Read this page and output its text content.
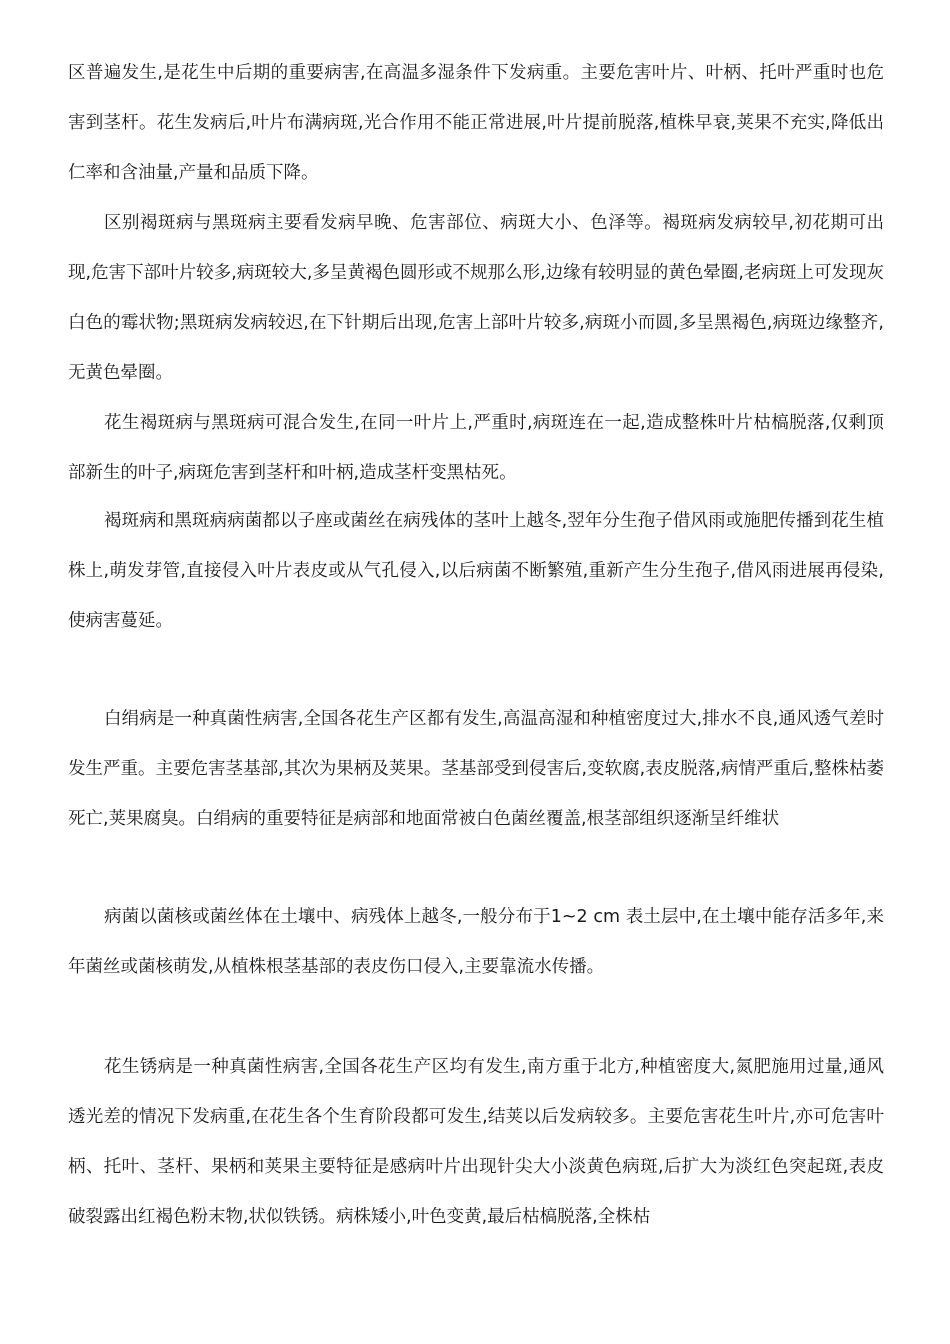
区普遍发生,是花生中后期的重要病害,在高温多湿条件下发病重。主要危害叶片、叶柄、托叶严重时也危害到茎杆。花生发病后,叶片布满病斑,光合作用不能正常进展,叶片提前脱落,植株早衰,荚果不充实,降低出仁率和含油量,产量和品质下降。

区别褐斑病与黑斑病主要看发病早晚、危害部位、病斑大小、色泽等。褐斑病发病较早,初花期可出现,危害下部叶片较多,病斑较大,多呈黄褐色圆形或不规那么形,边缘有较明显的黄色晕圈,老病斑上可发现灰白色的霉状物;黑斑病发病较迟,在下针期后出现,危害上部叶片较多,病斑小而圆,多呈黑褐色,病斑边缘整齐,无黄色晕圈。

花生褐斑病与黑斑病可混合发生,在同一叶片上,严重时,病斑连在一起,造成整株叶片枯槁脱落,仅剩顶部新生的叶子,病斑危害到茎杆和叶柄,造成茎杆变黑枯死。

褐斑病和黑斑病病菌都以子座或菌丝在病残体的茎叶上越冬,翌年分生孢子借风雨或施肥传播到花生植株上,萌发芽管,直接侵入叶片表皮或从气孔侵入,以后病菌不断繁殖,重新产生分生孢子,借风雨进展再侵染,使病害蔓延。

白绢病是一种真菌性病害,全国各花生产区都有发生,高温高湿和种植密度过大,排水不良,通风透气差时发生严重。主要危害茎基部,其次为果柄及荚果。茎基部受到侵害后,变软腐,表皮脱落,病情严重后,整株枯萎死亡,荚果腐臭。白绢病的重要特征是病部和地面常被白色菌丝覆盖,根茎部组织逐渐呈纤维状

病菌以菌核或菌丝体在土壤中、病残体上越冬,一般分布于1~2 cm 表土层中,在土壤中能存活多年,来年菌丝或菌核萌发,从植株根茎基部的表皮伤口侵入,主要靠流水传播。

花生锈病是一种真菌性病害,全国各花生产区均有发生,南方重于北方,种植密度大,氮肥施用过量,通风透光差的情况下发病重,在花生各个生育阶段都可发生,结荚以后发病较多。主要危害花生叶片,亦可危害叶柄、托叶、茎杆、果柄和荚果主要特征是感病叶片出现针尖大小淡黄色病斑,后扩大为淡红色突起斑,表皮破裂露出红褐色粉末物,状似铁锈。病株矮小,叶色变黄,最后枯槁脱落,全株枯
